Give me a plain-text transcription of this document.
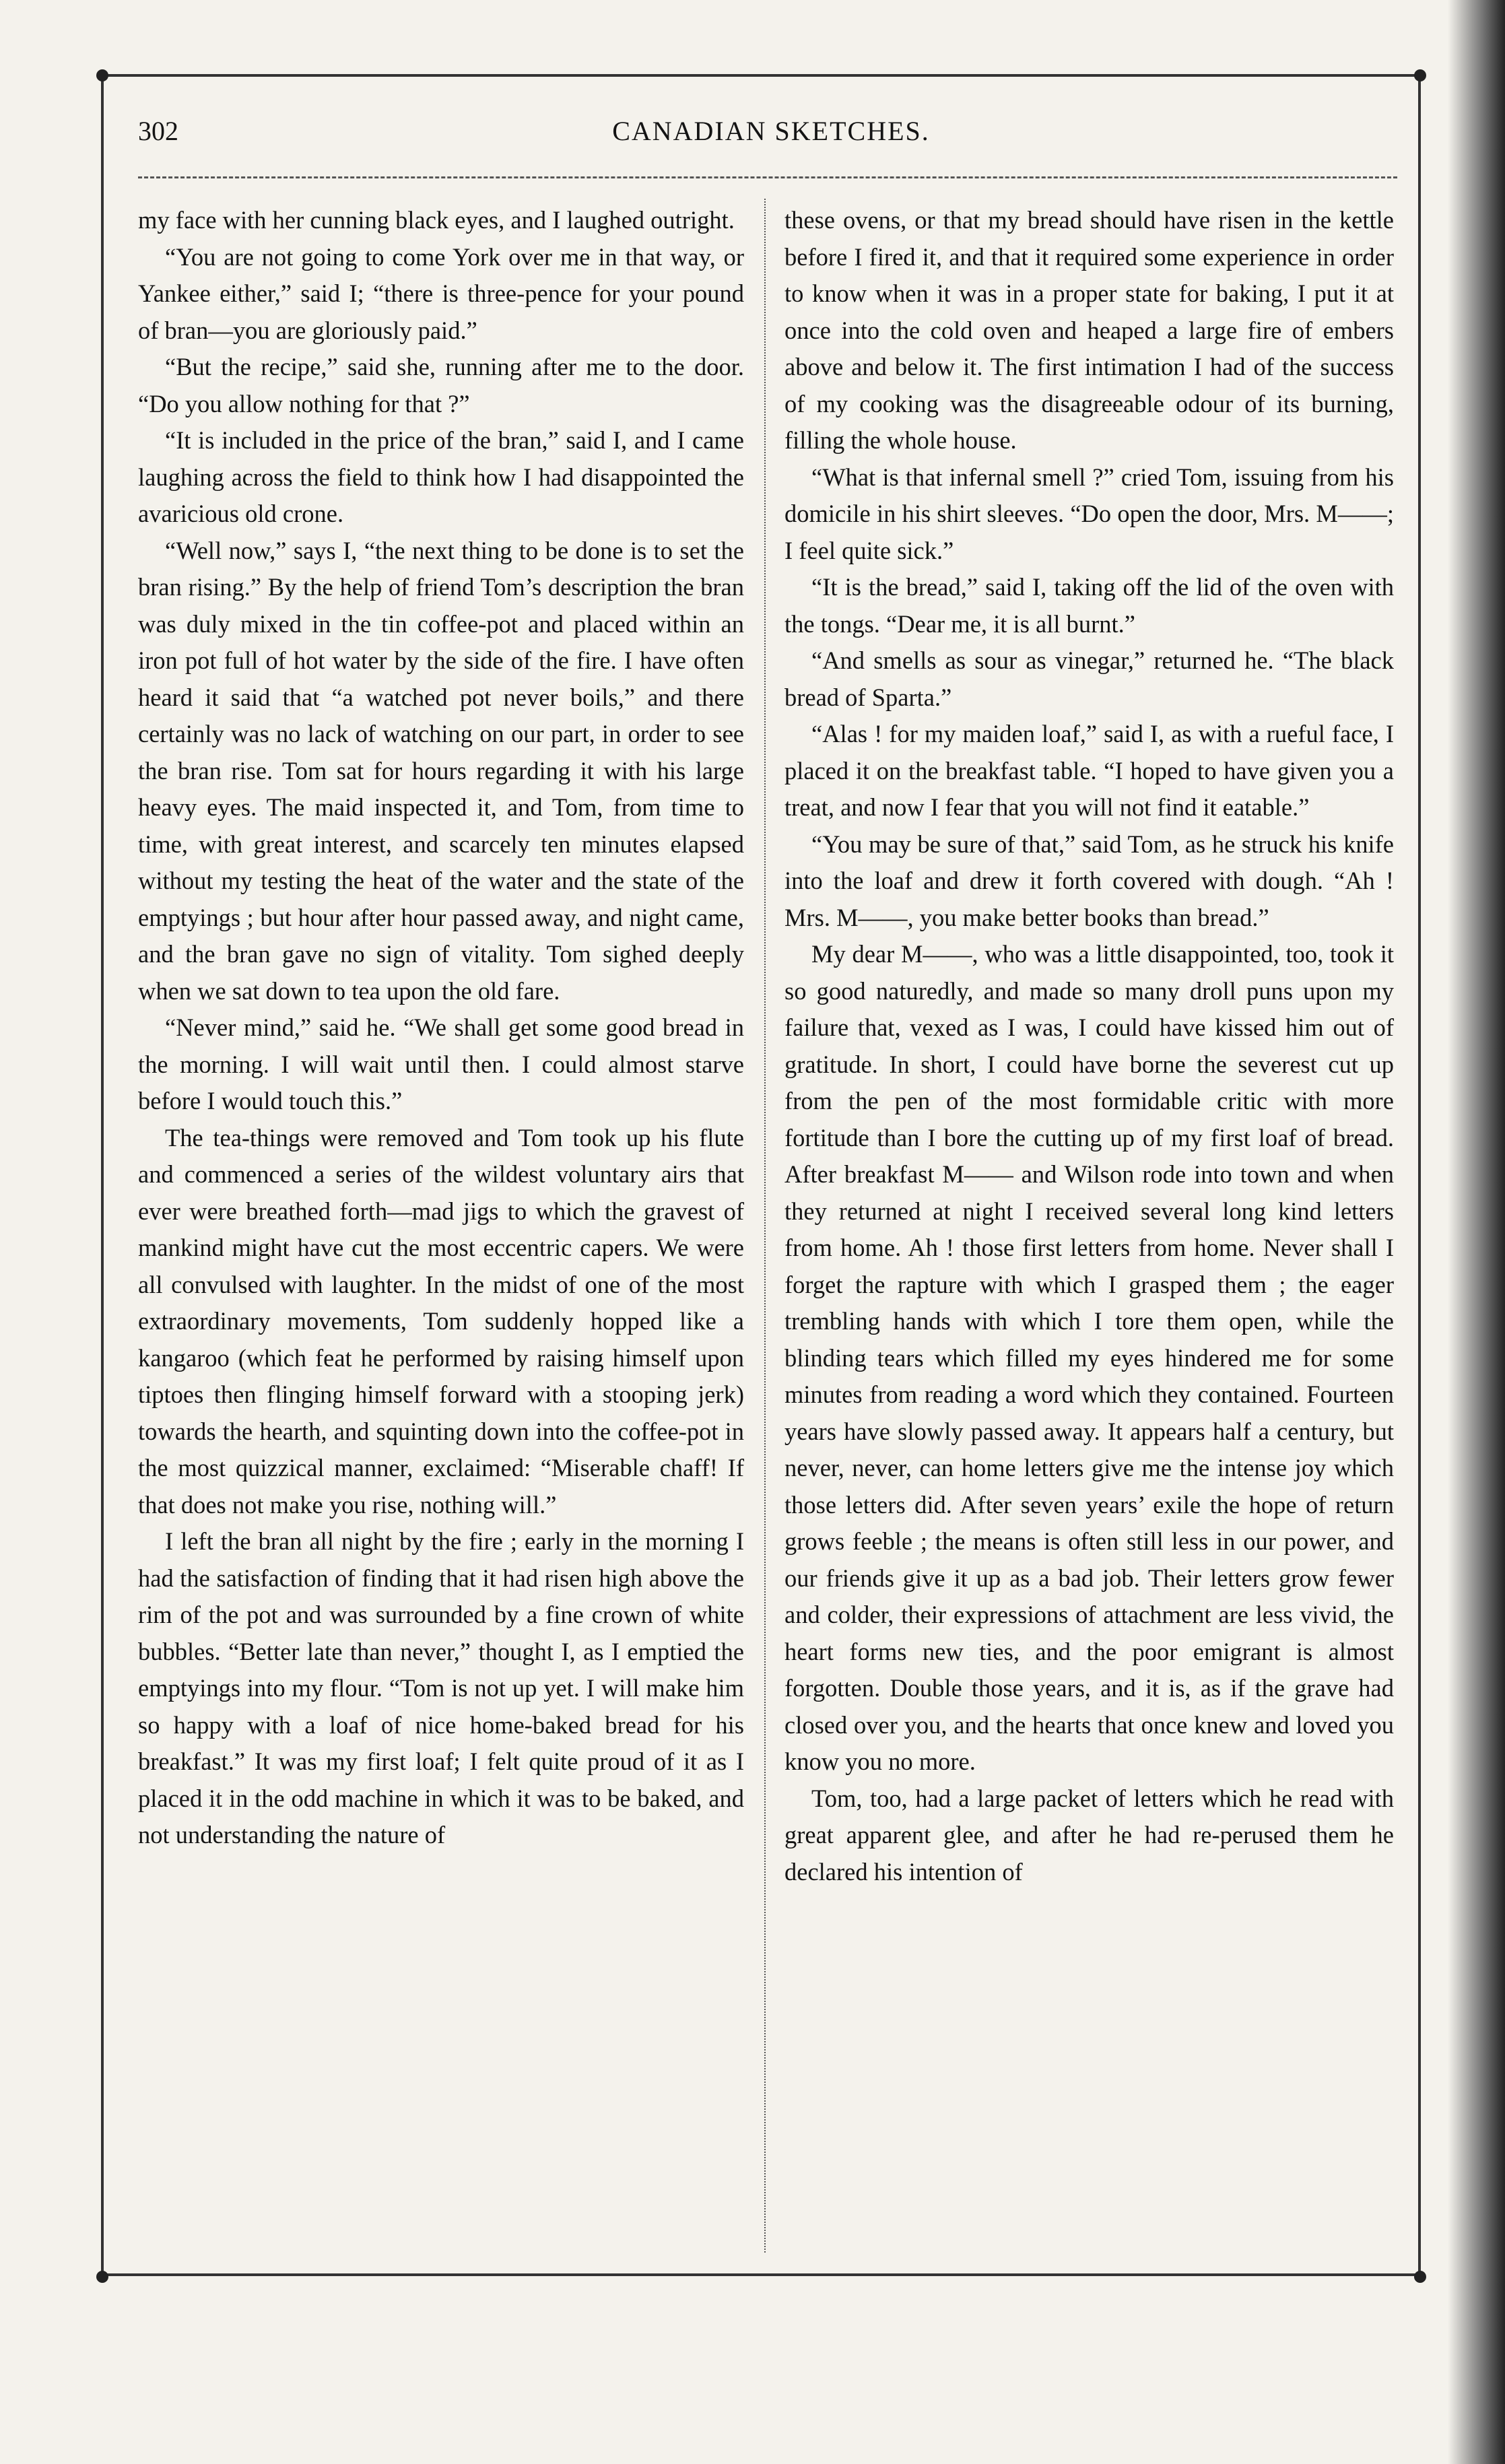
302	CANADIAN SKETCHES.

my face with her cunning black eyes, and I laughed outright.

“You are not going to come York over me in that way, or Yankee either,” said I; “there is three-pence for your pound of bran—you are gloriously paid.”

“But the recipe,” said she, running after me to the door. “Do you allow nothing for that ?”

“It is included in the price of the bran,” said I, and I came laughing across the field to think how I had disappointed the avaricious old crone.

“Well now,” says I, “the next thing to be done is to set the bran rising.” By the help of friend Tom’s description the bran was duly mixed in the tin coffee-pot and placed within an iron pot full of hot water by the side of the fire. I have often heard it said that “a watched pot never boils,” and there certainly was no lack of watching on our part, in order to see the bran rise. Tom sat for hours regarding it with his large heavy eyes. The maid inspected it, and Tom, from time to time, with great interest, and scarcely ten minutes elapsed without my testing the heat of the water and the state of the emptyings ; but hour after hour passed away, and night came, and the bran gave no sign of vitality. Tom sighed deeply when we sat down to tea upon the old fare.

“Never mind,” said he. “We shall get some good bread in the morning. I will wait until then. I could almost starve before I would touch this.”

The tea-things were removed and Tom took up his flute and commenced a series of the wildest voluntary airs that ever were breathed forth—mad jigs to which the gravest of mankind might have cut the most eccentric capers. We were all convulsed with laughter. In the midst of one of the most extraordinary movements, Tom suddenly hopped like a kangaroo (which feat he performed by raising himself upon tiptoes then flinging himself forward with a stooping jerk) towards the hearth, and squinting down into the coffee-pot in the most quizzical manner, exclaimed: “Miserable chaff! If that does not make you rise, nothing will.”

I left the bran all night by the fire ; early in the morning I had the satisfaction of finding that it had risen high above the rim of the pot and was surrounded by a fine crown of white bubbles. “Better late than never,” thought I, as I emptied the emptyings into my flour. “Tom is not up yet. I will make him so happy with a loaf of nice home-baked bread for his breakfast.” It was my first loaf; I felt quite proud of it as I placed it in the odd machine in which it was to be baked, and not understanding the nature of

these ovens, or that my bread should have risen in the kettle before I fired it, and that it required some experience in order to know when it was in a proper state for baking, I put it at once into the cold oven and heaped a large fire of embers above and below it. The first intimation I had of the success of my cooking was the disagreeable odour of its burning, filling the whole house.

“What is that infernal smell ?” cried Tom, issuing from his domicile in his shirt sleeves. “Do open the door, Mrs. M——; I feel quite sick.”

“It is the bread,” said I, taking off the lid of the oven with the tongs. “Dear me, it is all burnt.”

“And smells as sour as vinegar,” returned he. “The black bread of Sparta.”

“Alas ! for my maiden loaf,” said I, as with a rueful face, I placed it on the breakfast table. “I hoped to have given you a treat, and now I fear that you will not find it eatable.”

“You may be sure of that,” said Tom, as he struck his knife into the loaf and drew it forth covered with dough. “Ah ! Mrs. M——, you make better books than bread.”

My dear M——, who was a little disappointed, too, took it so good naturedly, and made so many droll puns upon my failure that, vexed as I was, I could have kissed him out of gratitude. In short, I could have borne the severest cut up from the pen of the most formidable critic with more fortitude than I bore the cutting up of my first loaf of bread. After breakfast M—— and Wilson rode into town and when they returned at night I received several long kind letters from home. Ah ! those first letters from home. Never shall I forget the rapture with which I grasped them ; the eager trembling hands with which I tore them open, while the blinding tears which filled my eyes hindered me for some minutes from reading a word which they contained. Fourteen years have slowly passed away. It appears half a century, but never, never, can home letters give me the intense joy which those letters did. After seven years’ exile the hope of return grows feeble ; the means is often still less in our power, and our friends give it up as a bad job. Their letters grow fewer and colder, their expressions of attachment are less vivid, the heart forms new ties, and the poor emigrant is almost forgotten. Double those years, and it is, as if the grave had closed over you, and the hearts that once knew and loved you know you no more.

Tom, too, had a large packet of letters which he read with great apparent glee, and after he had re-perused them he declared his intention of
